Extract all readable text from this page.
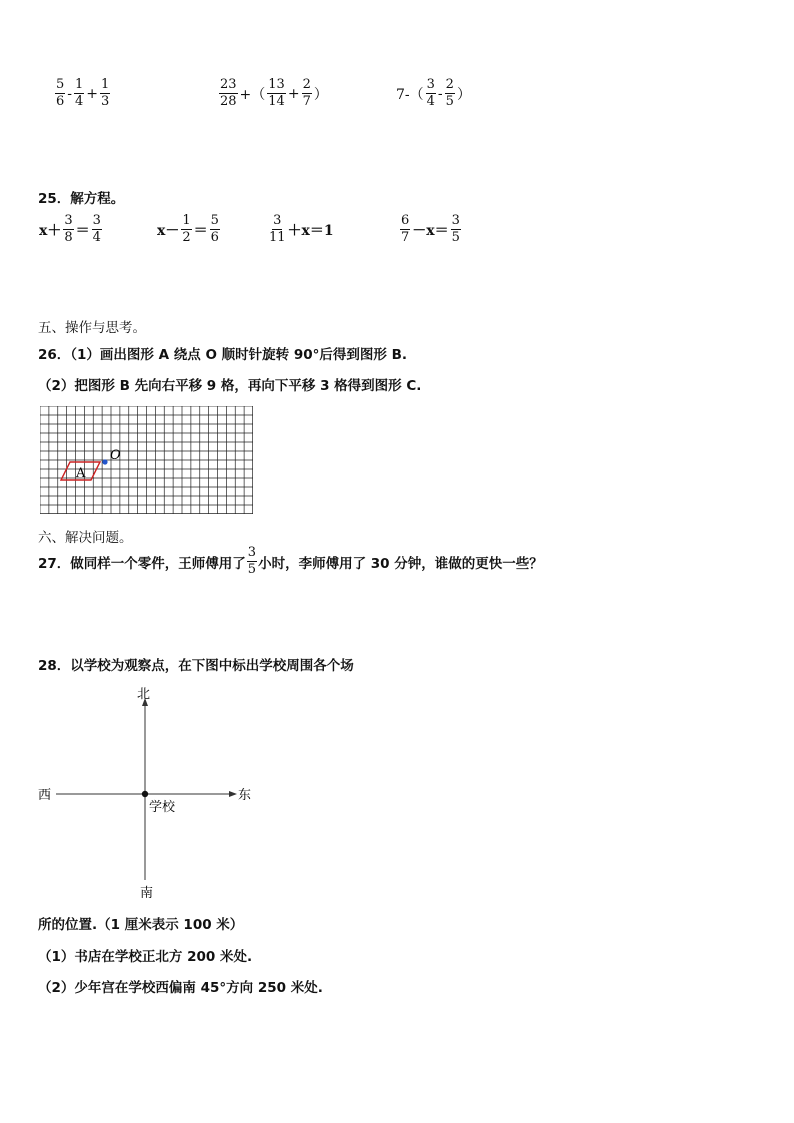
$\frac{5}{6} - \frac{1}{4} + \frac{1}{3}$	$\frac{23}{28}$ +（ $\frac{13}{14} + \frac{2}{7}$ ）	$7-( \frac{3}{4} - \frac{2}{5}$ ）
25．解方程。
$x+ \frac{3}{8} = \frac{3}{4}$	$x- \frac{1}{2} = \frac{5}{6}$	$\frac{3}{11} +x=1$	$\frac{6}{7} -x= \frac{3}{5}$
五、操作与思考。
26．（1）画出图形 A 绕点 O 顺时针旋转 90°后得到图形 B.
（2）把图形 B 先向右平移 9 格，再向下平移 3 格得到图形 C.
A
O
六、解决问题。
27．做同样一个零件，王师傅用了 $\frac{3}{5}$ 小时，李师傅用了 30 分钟，谁做的更快一些？
28．以学校为观察点，在下图中标出学校周围各个场
北
南
东
西
学校
所的位置.（1 厘米表示 100 米）
（1）书店在学校正北方 200 米处.
（2）少年宫在学校西偏南 45°方向 250 米处.
